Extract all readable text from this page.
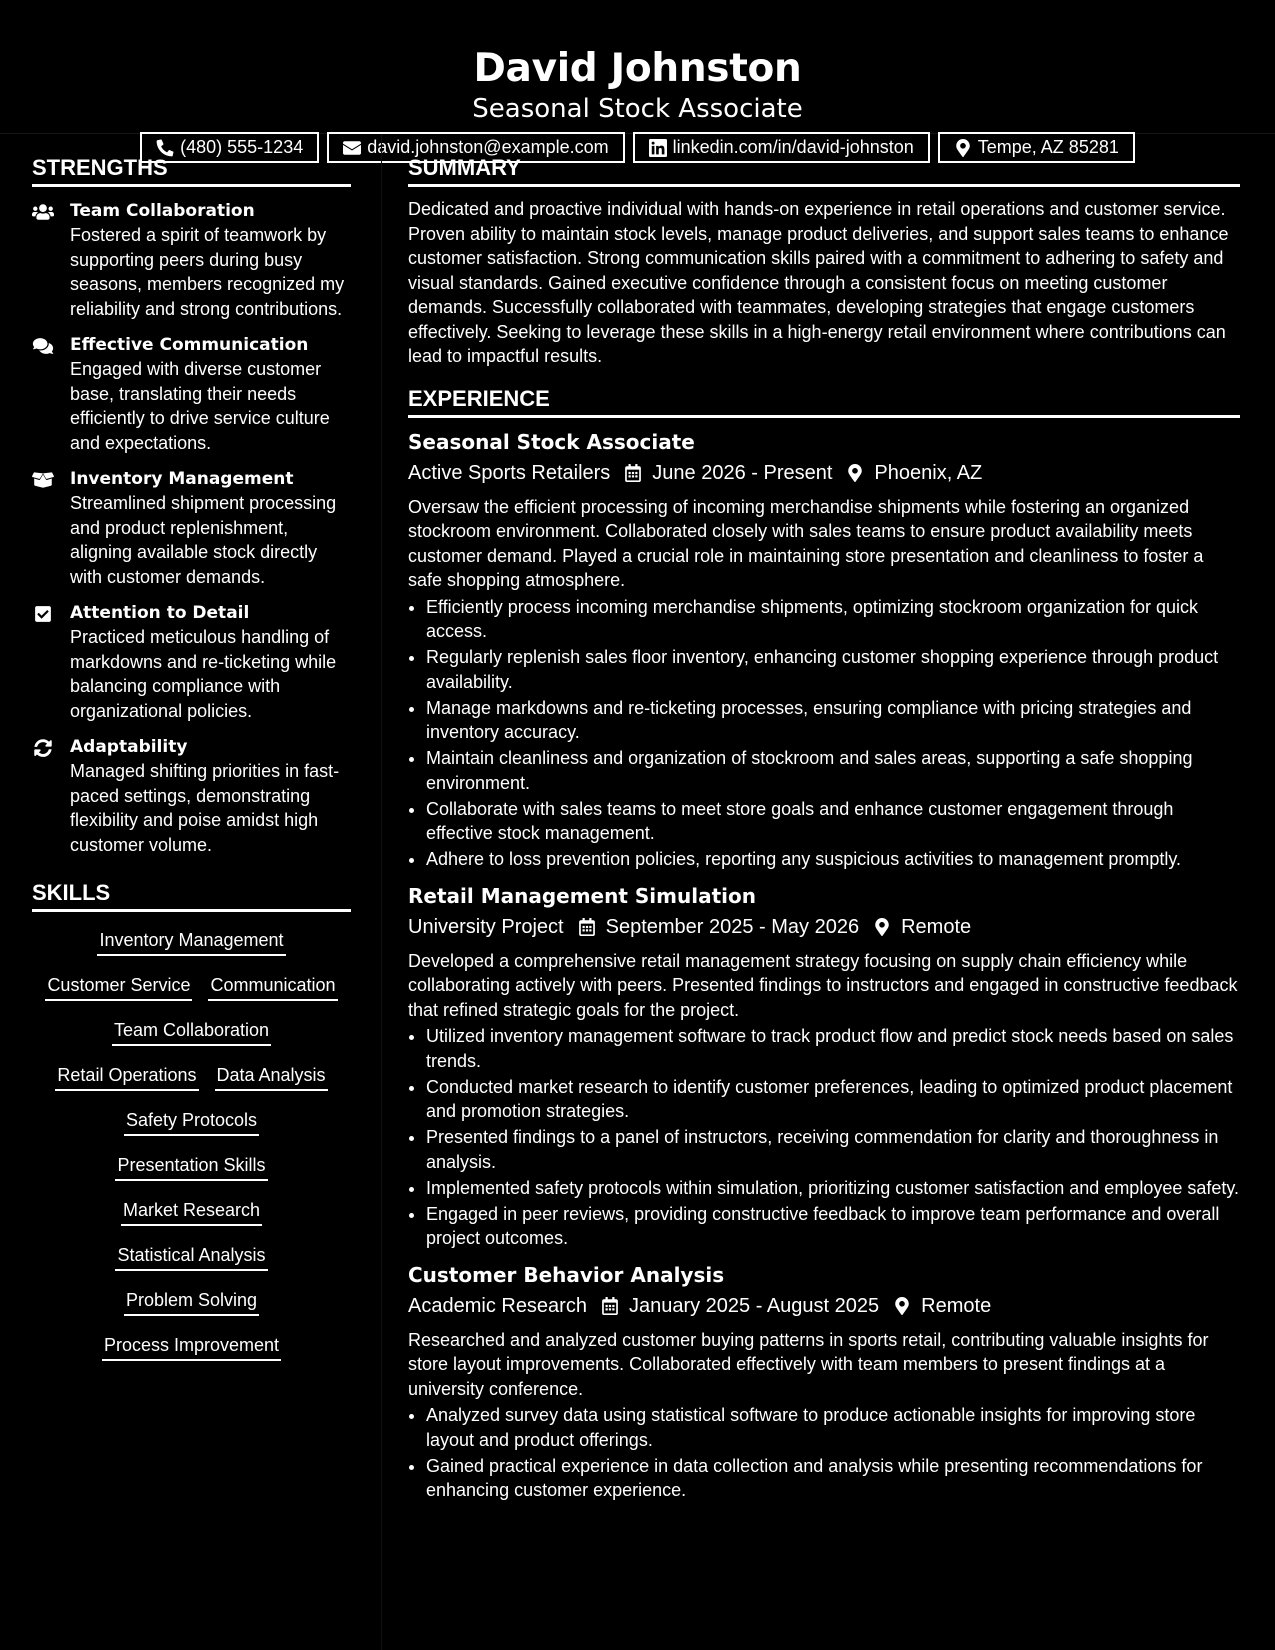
David Johnston
Seasonal Stock Associate
(480) 555-1234	david.johnston@example.com	linkedin.com/in/david-johnston	Tempe, AZ 85281
STRENGTHS
Team Collaboration
Fostered a spirit of teamwork by supporting peers during busy seasons, members recognized my reliability and strong contributions.
Effective Communication
Engaged with diverse customer base, translating their needs efficiently to drive service culture and expectations.
Inventory Management
Streamlined shipment processing and product replenishment, aligning available stock directly with customer demands.
Attention to Detail
Practiced meticulous handling of markdowns and re-ticketing while balancing compliance with organizational policies.
Adaptability
Managed shifting priorities in fast-paced settings, demonstrating flexibility and poise amidst high customer volume.
SKILLS
Inventory Management
Customer Service Communication
Team Collaboration
Retail Operations Data Analysis
Safety Protocols
Presentation Skills
Market Research
Statistical Analysis
Problem Solving
Process Improvement
SUMMARY
Dedicated and proactive individual with hands-on experience in retail operations and customer service. Proven ability to maintain stock levels, manage product deliveries, and support sales teams to enhance customer satisfaction. Strong communication skills paired with a commitment to adhering to safety and visual standards. Gained executive confidence through a consistent focus on meeting customer demands. Successfully collaborated with teammates, developing strategies that engage customers effectively. Seeking to leverage these skills in a high-energy retail environment where contributions can lead to impactful results.
EXPERIENCE
Seasonal Stock Associate
Active Sports Retailers June 2026 - Present Phoenix, AZ
Oversaw the efficient processing of incoming merchandise shipments while fostering an organized stockroom environment. Collaborated closely with sales teams to ensure product availability meets customer demand. Played a crucial role in maintaining store presentation and cleanliness to foster a safe shopping atmosphere.
• Efficiently process incoming merchandise shipments, optimizing stockroom organization for quick access.
• Regularly replenish sales floor inventory, enhancing customer shopping experience through product availability.
• Manage markdowns and re-ticketing processes, ensuring compliance with pricing strategies and inventory accuracy.
• Maintain cleanliness and organization of stockroom and sales areas, supporting a safe shopping environment.
• Collaborate with sales teams to meet store goals and enhance customer engagement through effective stock management.
• Adhere to loss prevention policies, reporting any suspicious activities to management promptly.
Retail Management Simulation
University Project September 2025 - May 2026 Remote
Developed a comprehensive retail management strategy focusing on supply chain efficiency while collaborating actively with peers. Presented findings to instructors and engaged in constructive feedback that refined strategic goals for the project.
• Utilized inventory management software to track product flow and predict stock needs based on sales trends.
• Conducted market research to identify customer preferences, leading to optimized product placement and promotion strategies.
• Presented findings to a panel of instructors, receiving commendation for clarity and thoroughness in analysis.
• Implemented safety protocols within simulation, prioritizing customer satisfaction and employee safety.
• Engaged in peer reviews, providing constructive feedback to improve team performance and overall project outcomes.
Customer Behavior Analysis
Academic Research January 2025 - August 2025 Remote
Researched and analyzed customer buying patterns in sports retail, contributing valuable insights for store layout improvements. Collaborated effectively with team members to present findings at a university conference.
• Analyzed survey data using statistical software to produce actionable insights for improving store layout and product offerings.
• Gained practical experience in data collection and analysis while presenting recommendations for enhancing customer experience.
